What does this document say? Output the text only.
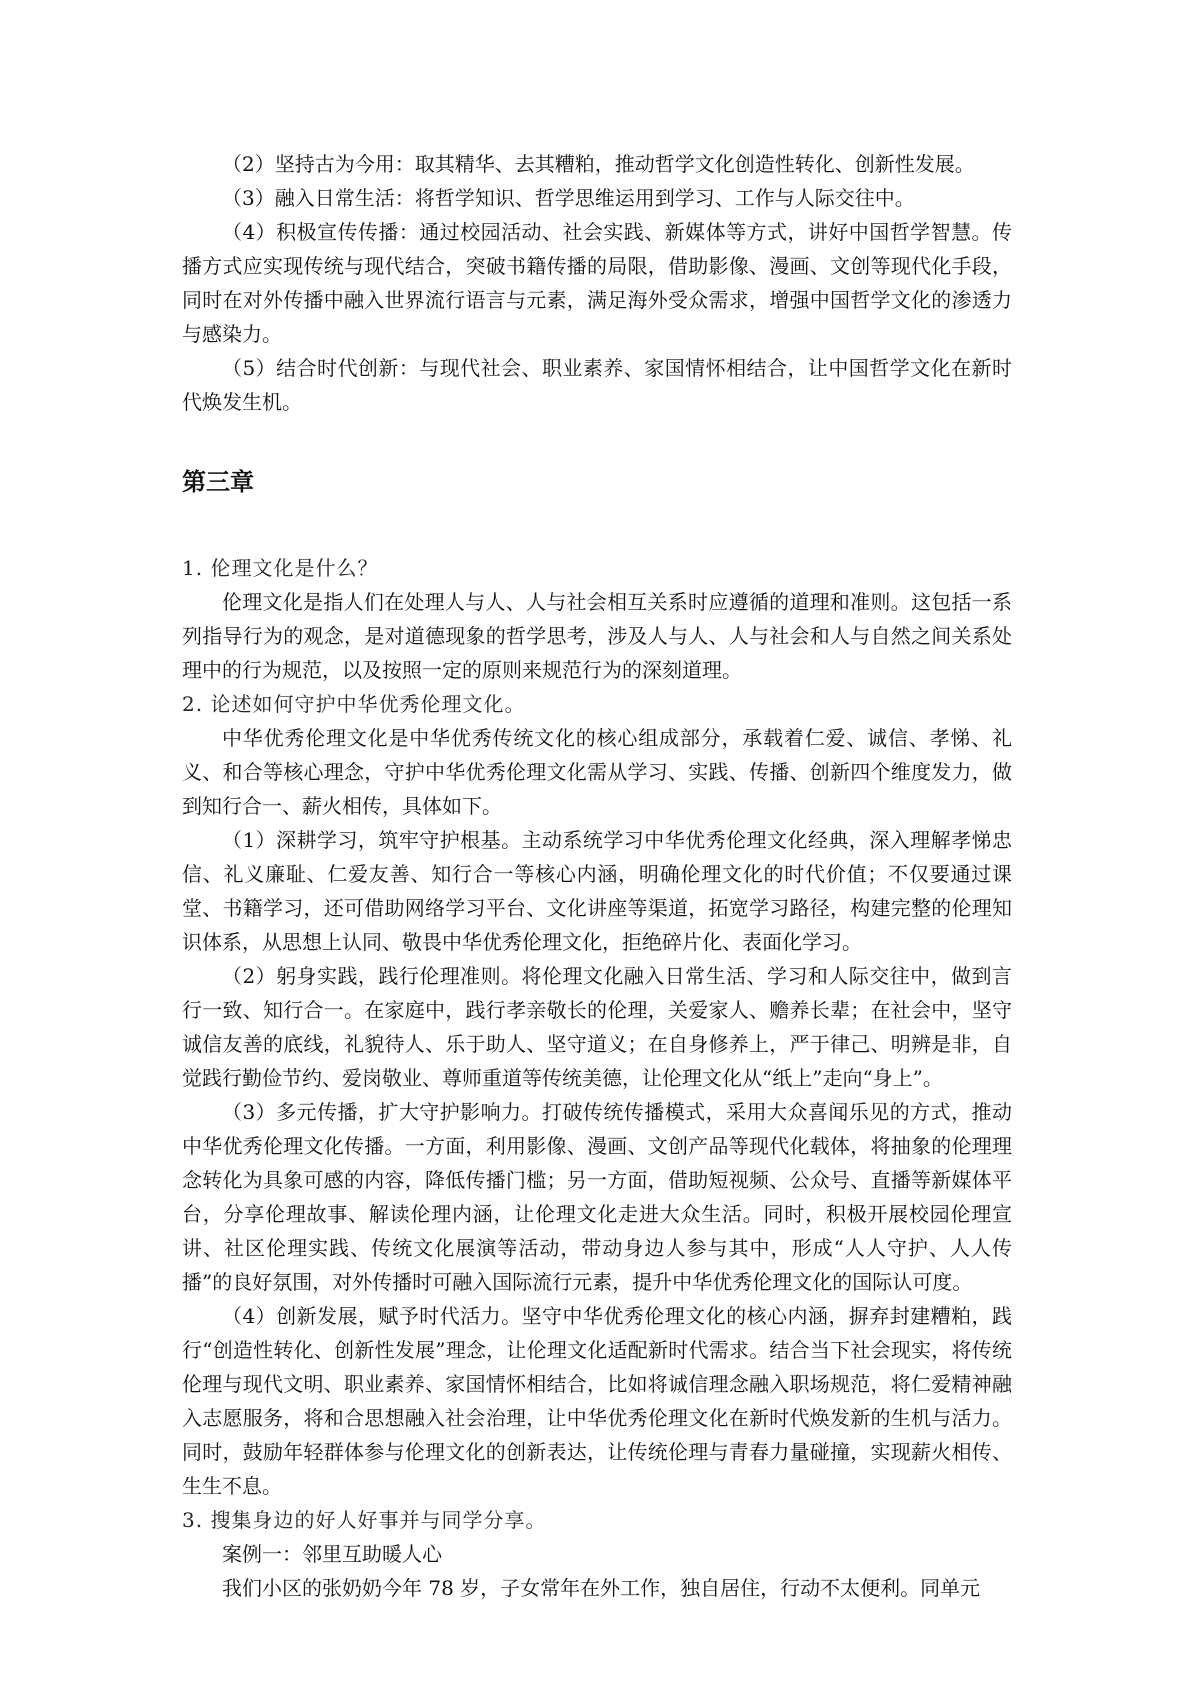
（2）坚持古为今用：取其精华、去其糟粕，推动哲学文化创造性转化、创新性发展。

（3）融入日常生活：将哲学知识、哲学思维运用到学习、工作与人际交往中。

（4）积极宣传传播：通过校园活动、社会实践、新媒体等方式，讲好中国哲学智慧。传播方式应实现传统与现代结合，突破书籍传播的局限，借助影像、漫画、文创等现代化手段，同时在对外传播中融入世界流行语言与元素，满足海外受众需求，增强中国哲学文化的渗透力与感染力。

（5）结合时代创新：与现代社会、职业素养、家国情怀相结合，让中国哲学文化在新时代焕发生机。

第三章

1. 伦理文化是什么？

伦理文化是指人们在处理人与人、人与社会相互关系时应遵循的道理和准则。这包括一系列指导行为的观念，是对道德现象的哲学思考，涉及人与人、人与社会和人与自然之间关系处理中的行为规范，以及按照一定的原则来规范行为的深刻道理。

2. 论述如何守护中华优秀伦理文化。

中华优秀伦理文化是中华优秀传统文化的核心组成部分，承载着仁爱、诚信、孝悌、礼义、和合等核心理念，守护中华优秀伦理文化需从学习、实践、传播、创新四个维度发力，做到知行合一、薪火相传，具体如下。

（1）深耕学习，筑牢守护根基。主动系统学习中华优秀伦理文化经典，深入理解孝悌忠信、礼义廉耻、仁爱友善、知行合一等核心内涵，明确伦理文化的时代价值；不仅要通过课堂、书籍学习，还可借助网络学习平台、文化讲座等渠道，拓宽学习路径，构建完整的伦理知识体系，从思想上认同、敬畏中华优秀伦理文化，拒绝碎片化、表面化学习。

（2）躬身实践，践行伦理准则。将伦理文化融入日常生活、学习和人际交往中，做到言行一致、知行合一。在家庭中，践行孝亲敬长的伦理，关爱家人、赡养长辈；在社会中，坚守诚信友善的底线，礼貌待人、乐于助人、坚守道义；在自身修养上，严于律己、明辨是非，自觉践行勤俭节约、爱岗敬业、尊师重道等传统美德，让伦理文化从“纸上”走向“身上”。

（3）多元传播，扩大守护影响力。打破传统传播模式，采用大众喜闻乐见的方式，推动中华优秀伦理文化传播。一方面，利用影像、漫画、文创产品等现代化载体，将抽象的伦理理念转化为具象可感的内容，降低传播门槛；另一方面，借助短视频、公众号、直播等新媒体平台，分享伦理故事、解读伦理内涵，让伦理文化走进大众生活。同时，积极开展校园伦理宣讲、社区伦理实践、传统文化展演等活动，带动身边人参与其中，形成“人人守护、人人传播”的良好氛围，对外传播时可融入国际流行元素，提升中华优秀伦理文化的国际认可度。

（4）创新发展，赋予时代活力。坚守中华优秀伦理文化的核心内涵，摒弃封建糟粕，践行“创造性转化、创新性发展”理念，让伦理文化适配新时代需求。结合当下社会现实，将传统伦理与现代文明、职业素养、家国情怀相结合，比如将诚信理念融入职场规范，将仁爱精神融入志愿服务，将和合思想融入社会治理，让中华优秀伦理文化在新时代焕发新的生机与活力。同时，鼓励年轻群体参与伦理文化的创新表达，让传统伦理与青春力量碰撞，实现薪火相传、生生不息。

3. 搜集身边的好人好事并与同学分享。

案例一：邻里互助暖人心

我们小区的张奶奶今年 78 岁，子女常年在外工作，独自居住，行动不太便利。同单元
